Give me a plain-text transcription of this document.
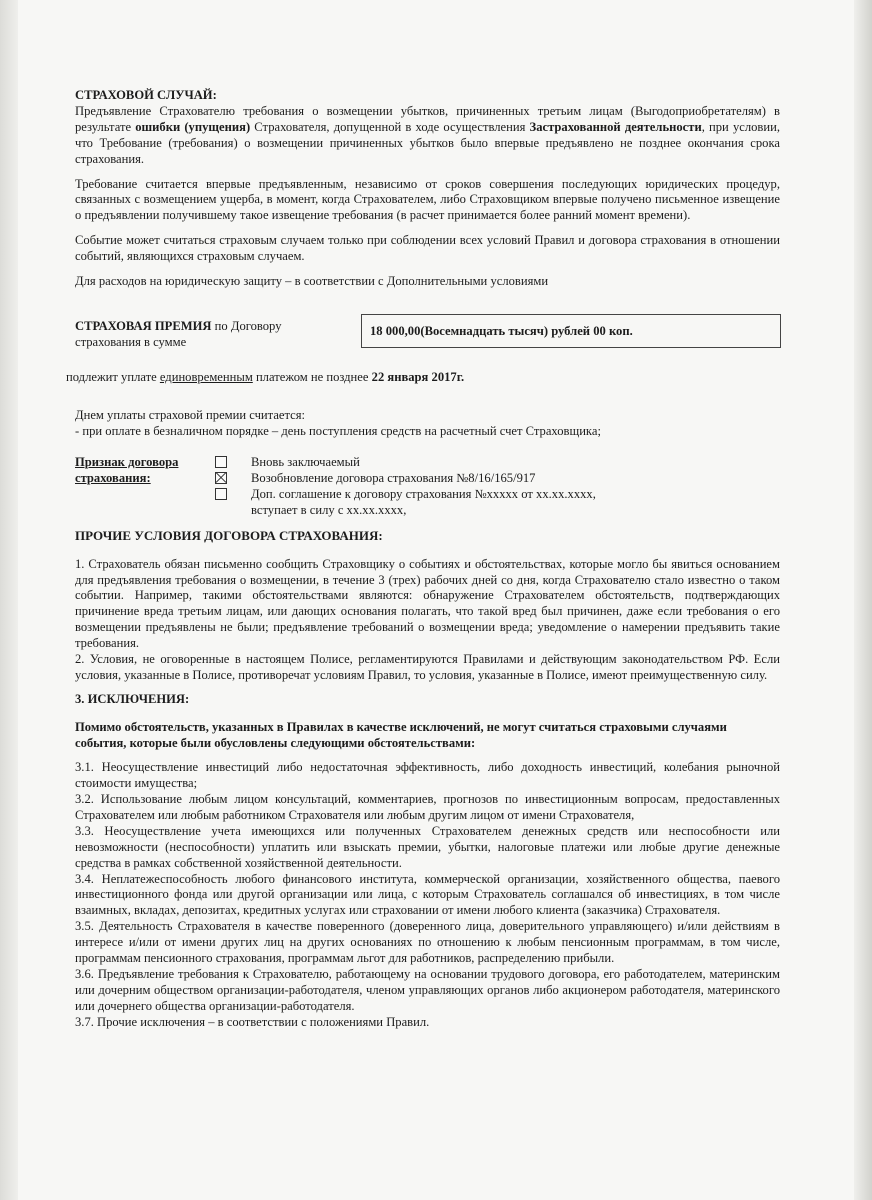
СТРАХОВОЙ СЛУЧАЙ:

Предъявление Страхователю требования о возмещении убытков, причиненных третьим лицам (Выгодоприобретателям) в результате ошибки (упущения) Страхователя, допущенной в ходе осуществления Застрахованной деятельности, при условии, что Требование (требования) о возмещении причиненных убытков было впервые предъявлено не позднее окончания срока страхования.

Требование считается впервые предъявленным, независимо от сроков совершения последующих юридических процедур, связанных с возмещением ущерба, в момент, когда Страхователем, либо Страховщиком впервые получено письменное извещение о предъявлении получившему такое извещение требования (в расчет принимается более ранний момент времени).

Событие может считаться страховым случаем только при соблюдении всех условий Правил и договора страхования в отношении событий, являющихся страховым случаем.

Для расходов на юридическую защиту – в соответствии с Дополнительными условиями

СТРАХОВАЯ ПРЕМИЯ по Договору страхования в сумме
18 000,00(Восемнадцать тысяч) рублей 00 коп.

подлежит уплате единовременным платежом не позднее 22 января 2017г.

Днем уплаты страховой премии считается:
- при оплате в безналичном порядке – день поступления средств на расчетный счет Страховщика;
Признак договора
страхования:
Вновь заключаемый
Возобновление договора страхования №8/16/165/917
Доп. соглашение к договору страхования №xxxxx от xx.xx.xxxx,
вступает в силу с xx.xx.xxxx,

ПРОЧИЕ УСЛОВИЯ ДОГОВОРА СТРАХОВАНИЯ:

1. Страхователь обязан письменно сообщить Страховщику о событиях и обстоятельствах, которые могло бы явиться основанием для предъявления требования о возмещении, в течение 3 (трех) рабочих дней со дня, когда Страхователю стало известно о таком событии. Например, такими обстоятельствами являются: обнаружение Страхователем обстоятельств, подтверждающих причинение вреда третьим лицам, или дающих основания полагать, что такой вред был причинен, даже если требования о его возмещении предъявлены не были; предъявление требований о возмещении вреда; уведомление о намерении предъявить такие требования.

2. Условия, не оговоренные в настоящем Полисе, регламентируются Правилами и действующим законодательством РФ. Если условия, указанные в Полисе, противоречат условиям Правил, то условия, указанные в Полисе, имеют преимущественную силу.

3. ИСКЛЮЧЕНИЯ:

Помимо обстоятельств, указанных в Правилах в качестве исключений, не могут считаться страховыми случаями события, которые были обусловлены следующими обстоятельствами:

3.1. Неосуществление инвестиций либо недостаточная эффективность, либо доходность инвестиций, колебания рыночной стоимости имущества;

3.2. Использование любым лицом консультаций, комментариев, прогнозов по инвестиционным вопросам, предоставленных Страхователем или любым работником Страхователя или любым другим лицом от имени Страхователя,

3.3. Неосуществление учета имеющихся или полученных Страхователем денежных средств или неспособности или невозможности (неспособности) уплатить или взыскать премии, убытки, налоговые платежи или любые другие денежные средства в рамках собственной хозяйственной деятельности.

3.4. Неплатежеспособность любого финансового института, коммерческой организации, хозяйственного общества, паевого инвестиционного фонда или другой организации или лица, с которым Страхователь соглашался об инвестициях, в том числе взаимных, вкладах, депозитах, кредитных услугах или страховании от имени любого клиента (заказчика) Страхователя.

3.5. Деятельность Страхователя в качестве поверенного (доверенного лица, доверительного управляющего) и/или действиям в интересе и/или от имени других лиц на других основаниях по отношению к любым пенсионным программам, в том числе, программам пенсионного страхования, программам льгот для работников, распределению прибыли.

3.6. Предъявление требования к Страхователю, работающему на основании трудового договора, его работодателем, материнским или дочерним обществом организации-работодателя, членом управляющих органов либо акционером работодателя, материнского или дочернего общества организации-работодателя.

3.7. Прочие исключения – в соответствии с положениями Правил.
